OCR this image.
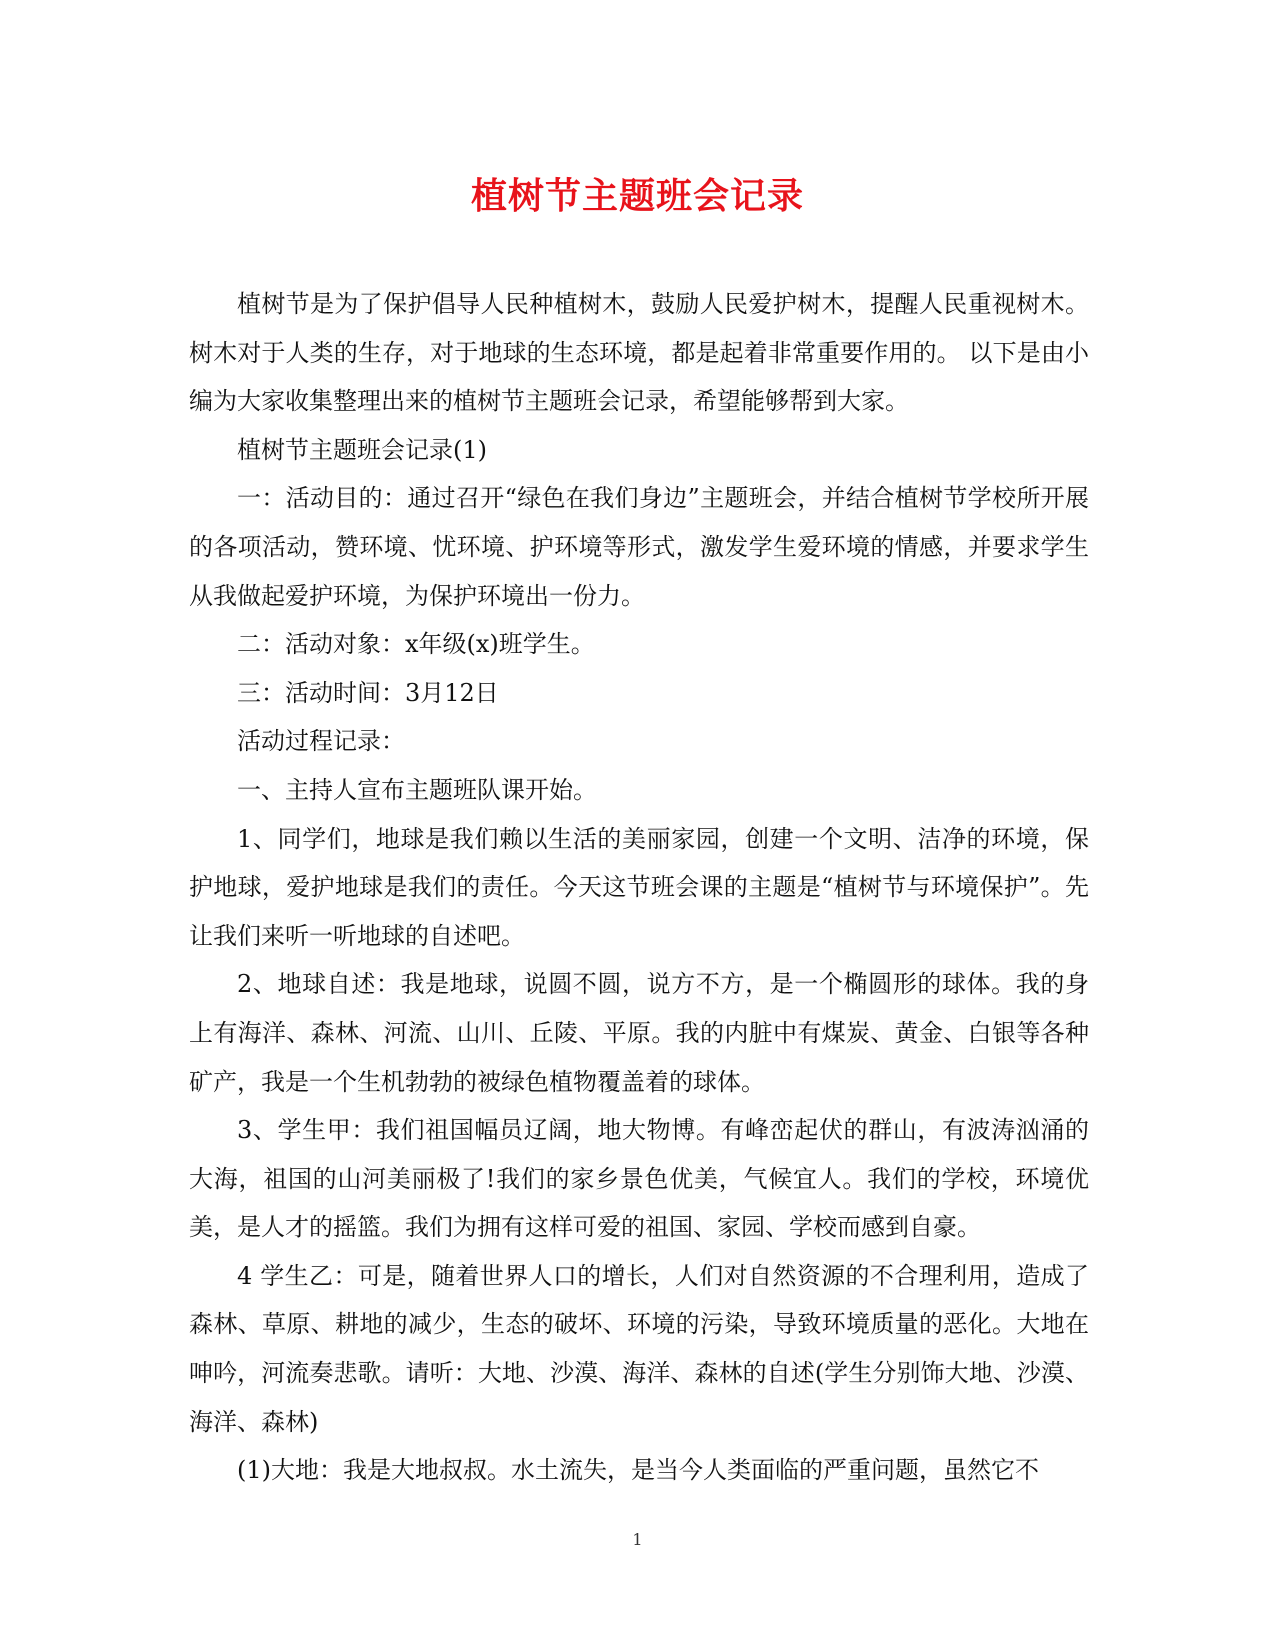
植树节主题班会记录

植树节是为了保护倡导人民种植树木，鼓励人民爱护树木，提醒人民重视树木。树木对于人类的生存，对于地球的生态环境，都是起着非常重要作用的。 以下是由小编为大家收集整理出来的植树节主题班会记录，希望能够帮到大家。

植树节主题班会记录(1)

一：活动目的：通过召开“绿色在我们身边”主题班会，并结合植树节学校所开展的各项活动，赞环境、忧环境、护环境等形式，激发学生爱环境的情感，并要求学生从我做起爱护环境，为保护环境出一份力。

二：活动对象：x年级(x)班学生。

三：活动时间：3月12日

活动过程记录：

一、主持人宣布主题班队课开始。

1、同学们，地球是我们赖以生活的美丽家园，创建一个文明、洁净的环境，保护地球，爱护地球是我们的责任。今天这节班会课的主题是“植树节与环境保护”。先让我们来听一听地球的自述吧。

2、地球自述：我是地球，说圆不圆，说方不方，是一个椭圆形的球体。我的身上有海洋、森林、河流、山川、丘陵、平原。我的内脏中有煤炭、黄金、白银等各种矿产，我是一个生机勃勃的被绿色植物覆盖着的球体。

3、学生甲：我们祖国幅员辽阔，地大物博。有峰峦起伏的群山，有波涛汹涌的大海，祖国的山河美丽极了!我们的家乡景色优美，气候宜人。我们的学校，环境优美，是人才的摇篮。我们为拥有这样可爱的祖国、家园、学校而感到自豪。

4 学生乙：可是，随着世界人口的增长，人们对自然资源的不合理利用，造成了森林、草原、耕地的减少，生态的破坏、环境的污染，导致环境质量的恶化。大地在呻吟，河流奏悲歌。请听：大地、沙漠、海洋、森林的自述(学生分别饰大地、沙漠、海洋、森林)

(1)大地：我是大地叔叔。水土流失，是当今人类面临的严重问题，虽然它不

1
